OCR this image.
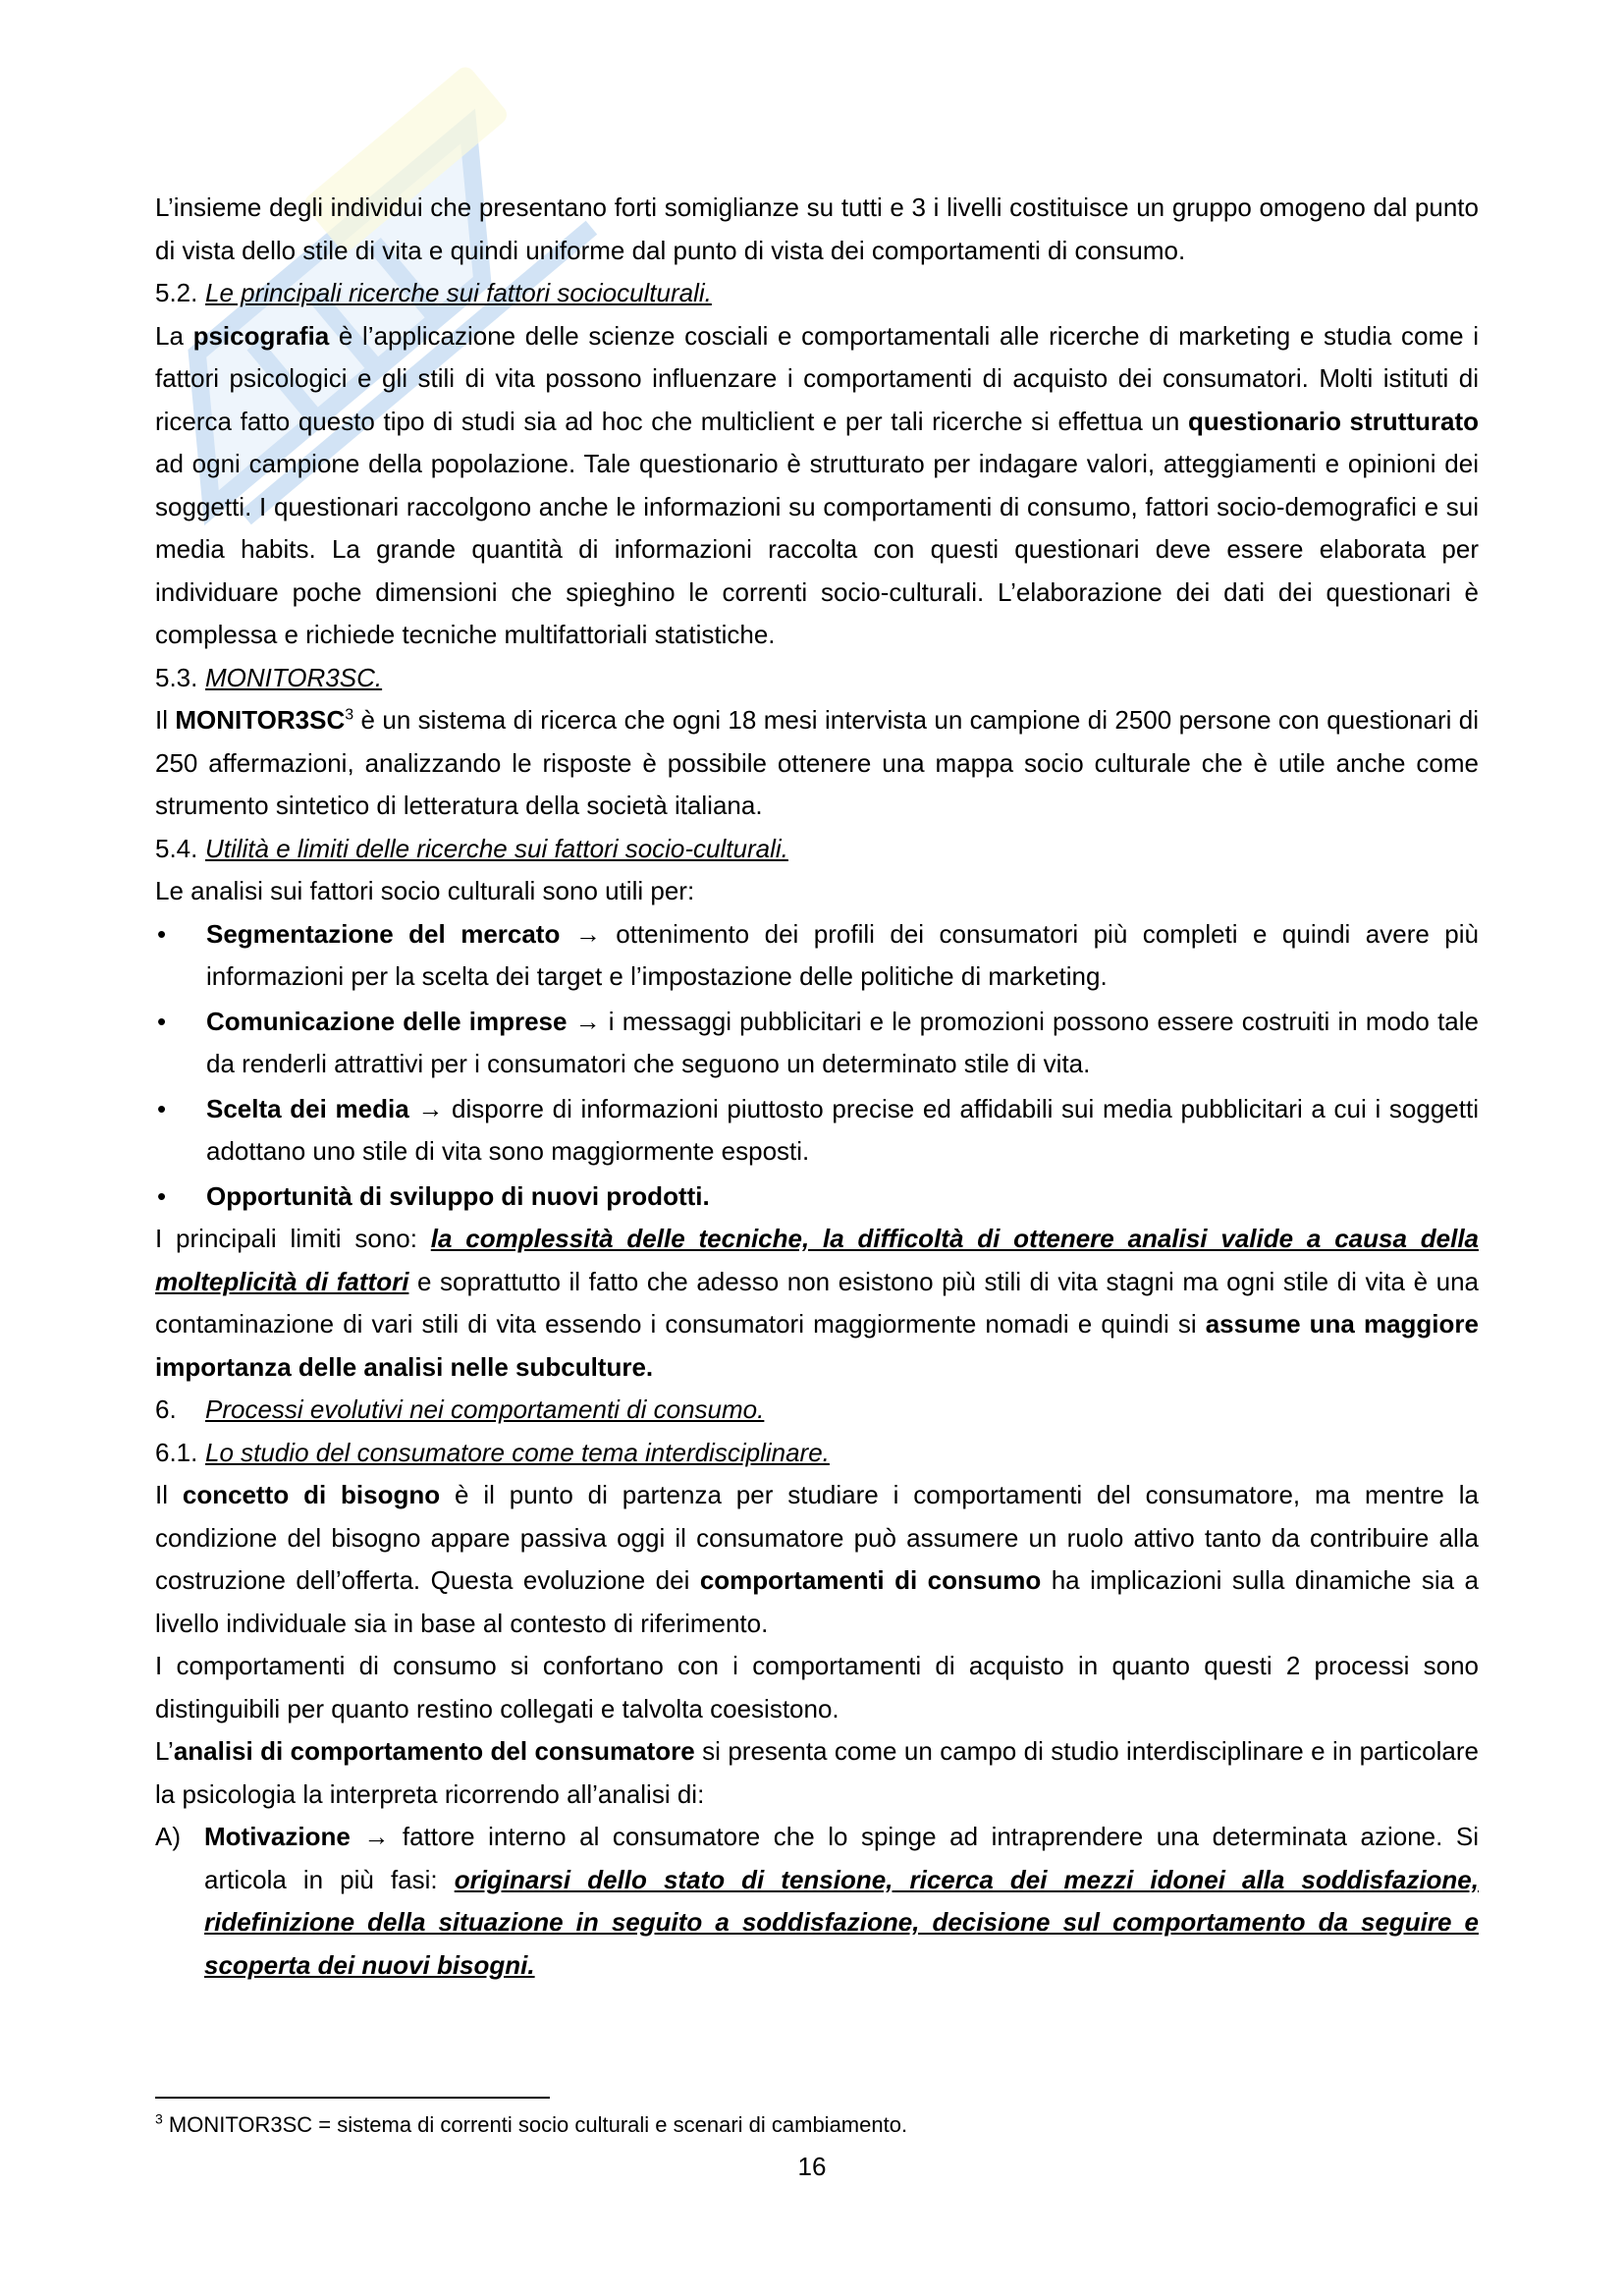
L’insieme degli individui che presentano forti somiglianze su tutti e 3 i livelli costituisce un gruppo omogeno dal punto di vista dello stile di vita e quindi uniforme dal punto di vista dei comportamenti di consumo.

5.2. Le principali ricerche sui fattori socioculturali.

La psicografia è l’applicazione delle scienze cosciali e comportamentali alle ricerche di marketing e studia come i fattori psicologici e gli stili di vita possono influenzare i comportamenti di acquisto dei consumatori. Molti istituti di ricerca fatto questo tipo di studi sia ad hoc che multiclient e per tali ricerche si effettua un questionario strutturato ad ogni campione della popolazione. Tale questionario è strutturato per indagare valori, atteggiamenti e opinioni dei soggetti. I questionari raccolgono anche le informazioni su comportamenti di consumo, fattori socio-demografici e sui media habits. La grande quantità di informazioni raccolta con questi questionari deve essere elaborata per individuare poche dimensioni che spieghino le correnti socio-culturali. L’elaborazione dei dati dei questionari è complessa e richiede tecniche multifattoriali statistiche.

5.3. MONITOR3SC.

Il $MONITOR3SC^3$ è un sistema di ricerca che ogni 18 mesi intervista un campione di 2500 persone con questionari di 250 affermazioni, analizzando le risposte è possibile ottenere una mappa socio culturale che è utile anche come strumento sintetico di letteratura della società italiana.

5.4. Utilità e limiti delle ricerche sui fattori socio-culturali.

Le analisi sui fattori socio culturali sono utili per:

•	Segmentazione del mercato → ottenimento dei profili dei consumatori più completi e quindi avere più informazioni per la scelta dei target e l’impostazione delle politiche di marketing.
•	Comunicazione delle imprese → i messaggi pubblicitari e le promozioni possono essere costruiti in modo tale da renderli attrattivi per i consumatori che seguono un determinato stile di vita.
•	Scelta dei media → disporre di informazioni piuttosto precise ed affidabili sui media pubblicitari a cui i soggetti adottano uno stile di vita sono maggiormente esposti.
•	Opportunità di sviluppo di nuovi prodotti.

I principali limiti sono: la complessità delle tecniche, la difficoltà di ottenere analisi valide a causa della molteplicità di fattori e soprattutto il fatto che adesso non esistono più stili di vita stagni ma ogni stile di vita è una contaminazione di vari stili di vita essendo i consumatori maggiormente nomadi e quindi si assume una maggiore importanza delle analisi nelle subculture.

6.	Processi evolutivi nei comportamenti di consumo.
6.1. Lo studio del consumatore come tema interdisciplinare.

Il concetto di bisogno è il punto di partenza per studiare i comportamenti del consumatore, ma mentre la condizione del bisogno appare passiva oggi il consumatore può assumere un ruolo attivo tanto da contribuire alla costruzione dell’offerta. Questa evoluzione dei comportamenti di consumo ha implicazioni sulla dinamiche sia a livello individuale sia in base al contesto di riferimento.

I comportamenti di consumo si confortano con i comportamenti di acquisto in quanto questi 2 processi sono distinguibili per quanto restino collegati e talvolta coesistono.

L’analisi di comportamento del consumatore si presenta come un campo di studio interdisciplinare e in particolare la psicologia la interpreta ricorrendo all’analisi di:

A) Motivazione → fattore interno al consumatore che lo spinge ad intraprendere una determinata azione. Si articola in più fasi: originarsi dello stato di tensione, ricerca dei mezzi idonei alla soddisfazione, ridefinizione della situazione in seguito a soddisfazione, decisione sul comportamento da seguire e scoperta dei nuovi bisogni.
$^3$ MONITOR3SC = sistema di correnti socio culturali e scenari di cambiamento.
16
